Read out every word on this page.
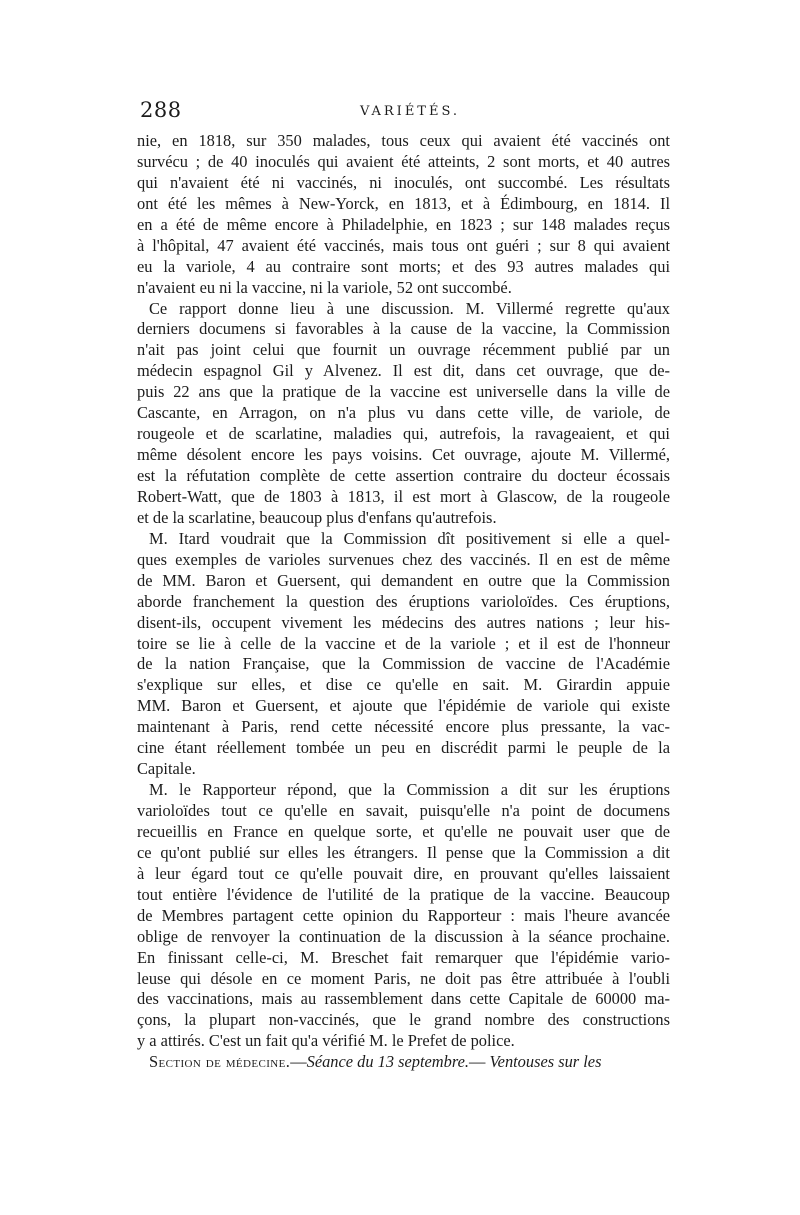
288	VARIÉTÉS.
nie, en 1818, sur 350 malades, tous ceux qui avaient été vaccinés ont
survécu ; de 40 inoculés qui avaient été atteints, 2 sont morts, et 40 autres
qui n'avaient été ni vaccinés, ni inoculés, ont succombé. Les résultats
ont été les mêmes à New-Yorck, en 1813, et à Édimbourg, en 1814. Il
en a été de même encore à Philadelphie, en 1823 ; sur 148 malades reçus
à l'hôpital, 47 avaient été vaccinés, mais tous ont guéri ; sur 8 qui avaient
eu la variole, 4 au contraire sont morts; et des 93 autres malades qui
n'avaient eu ni la vaccine, ni la variole, 52 ont succombé.
Ce rapport donne lieu à une discussion. M. Villermé regrette qu'aux
derniers documens si favorables à la cause de la vaccine, la Commission
n'ait pas joint celui que fournit un ouvrage récemment publié par un
médecin espagnol Gil y Alvenez. Il est dit, dans cet ouvrage, que de-
puis 22 ans que la pratique de la vaccine est universelle dans la ville de
Cascante, en Arragon, on n'a plus vu dans cette ville, de variole, de
rougeole et de scarlatine, maladies qui, autrefois, la ravageaient, et qui
même désolent encore les pays voisins. Cet ouvrage, ajoute M. Villermé,
est la réfutation complète de cette assertion contraire du docteur écossais
Robert-Watt, que de 1803 à 1813, il est mort à Glascow, de la rougeole
et de la scarlatine, beaucoup plus d'enfans qu'autrefois.
M. Itard voudrait que la Commission dît positivement si elle a quel-
ques exemples de varioles survenues chez des vaccinés. Il en est de même
de MM. Baron et Guersent, qui demandent en outre que la Commission
aborde franchement la question des éruptions varioloïdes. Ces éruptions,
disent-ils, occupent vivement les médecins des autres nations ; leur his-
toire se lie à celle de la vaccine et de la variole ; et il est de l'honneur
de la nation Française, que la Commission de vaccine de l'Académie
s'explique sur elles, et dise ce qu'elle en sait. M. Girardin appuie
MM. Baron et Guersent, et ajoute que l'épidémie de variole qui existe
maintenant à Paris, rend cette nécessité encore plus pressante, la vac-
cine étant réellement tombée un peu en discrédit parmi le peuple de la
Capitale.
M. le Rapporteur répond, que la Commission a dit sur les éruptions
varioloïdes tout ce qu'elle en savait, puisqu'elle n'a point de documens
recueillis en France en quelque sorte, et qu'elle ne pouvait user que de
ce qu'ont publié sur elles les étrangers. Il pense que la Commission a dit
à leur égard tout ce qu'elle pouvait dire, en prouvant qu'elles laissaient
tout entière l'évidence de l'utilité de la pratique de la vaccine. Beaucoup
de Membres partagent cette opinion du Rapporteur : mais l'heure avancée
oblige de renvoyer la continuation de la discussion à la séance prochaine.
En finissant celle-ci, M. Breschet fait remarquer que l'épidémie vario-
leuse qui désole en ce moment Paris, ne doit pas être attribuée à l'oubli
des vaccinations, mais au rassemblement dans cette Capitale de 60000 ma-
çons, la plupart non-vaccinés, que le grand nombre des constructions
y a attirés. C'est un fait qu'a vérifié M. le Prefet de police.
Section de médecine.—Séance du 13 septembre.— Ventouses sur les
